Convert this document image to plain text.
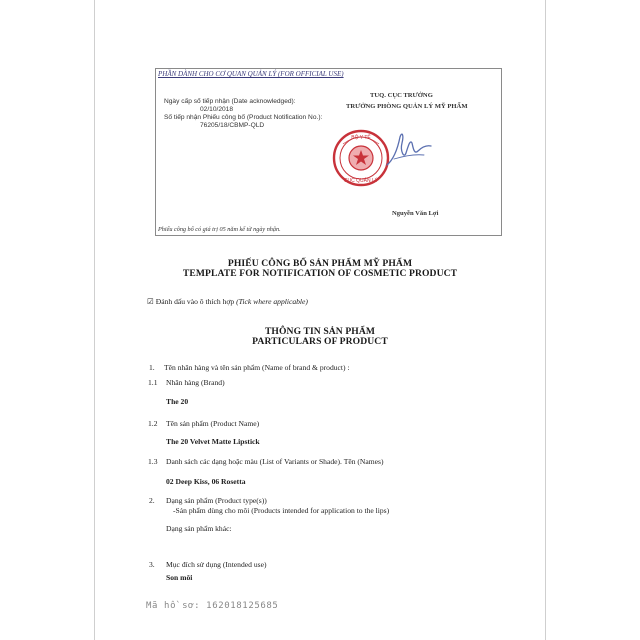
PHẦN DÀNH CHO CƠ QUAN QUẢN LÝ (FOR OFFICIAL USE)
Ngày cấp số tiếp nhận (Date acknowledged):
02/10/2018
Số tiếp nhận Phiếu công bố (Product Notification No.):
76205/18/CBMP-QLD
TUQ. CỤC TRƯỞNG
TRƯỞNG PHÒNG QUẢN LÝ MỸ PHẨM
BỘ Y TẾ
CỤC QUẢN LÝ
Nguyễn Văn Lợi
Phiếu công bố có giá trị 05 năm kể từ ngày nhận.
PHIẾU CÔNG BỐ SẢN PHẨM MỸ PHẨM
TEMPLATE FOR NOTIFICATION OF COSMETIC PRODUCT
☑ Đánh dấu vào ô thích hợp (Tick where applicable)
THÔNG TIN SẢN PHẨM
PARTICULARS OF PRODUCT
1. Tên nhãn hàng và tên sản phẩm (Name of brand & product) :
1.1 Nhãn hàng (Brand)
The 20
1.2 Tên sản phẩm (Product Name)
The 20 Velvet Matte Lipstick
1.3 Danh sách các dạng hoặc màu (List of Variants or Shade). Tên (Names)
02 Deep Kiss, 06 Rosetta
2. Dạng sản phẩm (Product type(s))
-Sản phẩm dùng cho môi (Products intended for application to the lips)
Dạng sản phẩm khác:
3. Mục đích sử dụng (Intended use)
Son môi
Mã hồ sơ: 162018125685
